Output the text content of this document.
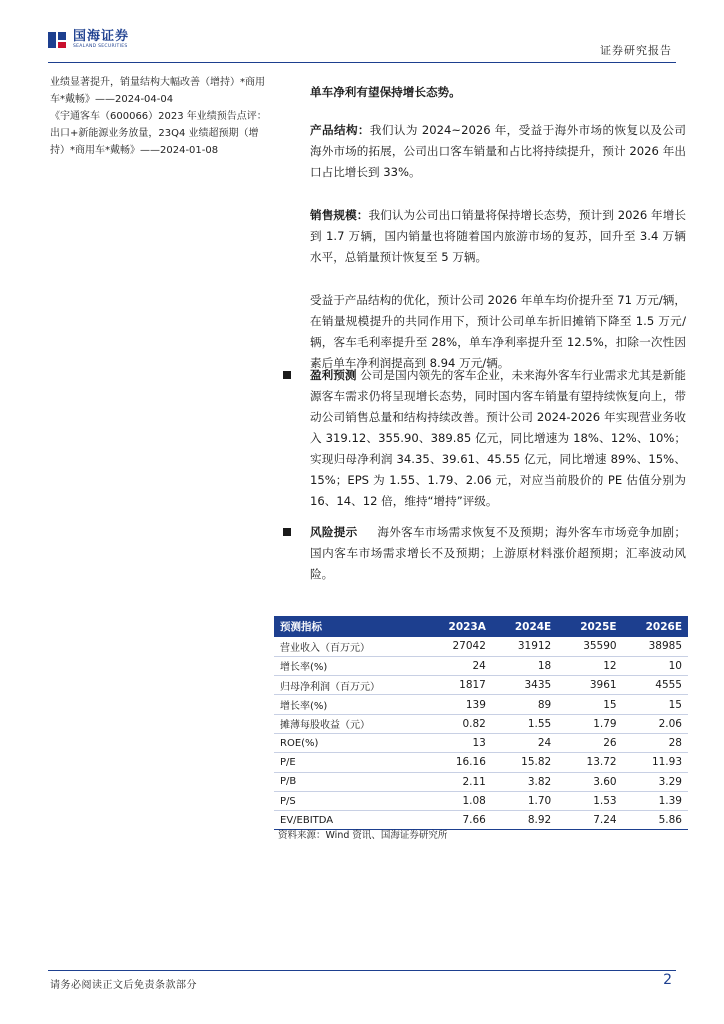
国海证券
SEALAND SECURITIES	证券研究报告

业绩显著提升，销量结构大幅改善（增持）*商用车*戴畅》——2024-04-04

《宇通客车（600066）2023 年业绩预告点评：出口+新能源业务放量，23Q4 业绩超预期（增持）*商用车*戴畅》——2024-01-08

单车净利有望保持增长态势。
产品结构：我们认为 2024~2026 年，受益于海外市场的恢复以及公司海外市场的拓展，公司出口客车销量和占比将持续提升，预计 2026 年出口占比增长到 33%。
销售规模：我们认为公司出口销量将保持增长态势，预计到 2026 年增长到 1.7 万辆，国内销量也将随着国内旅游市场的复苏，回升至 3.4 万辆水平，总销量预计恢复至 5 万辆。
受益于产品结构的优化，预计公司 2026 年单车均价提升至 71 万元/辆，在销量规模提升的共同作用下，预计公司单车折旧摊销下降至 1.5 万元/辆，客车毛利率提升至 28%，单车净利率提升至 12.5%，扣除一次性因素后单车净利润提高到 8.94 万元/辆。
盈利预测 公司是国内领先的客车企业，未来海外客车行业需求尤其是新能源客车需求仍将呈现增长态势，同时国内客车销量有望持续恢复向上，带动公司销售总量和结构持续改善。预计公司 2024-2026 年实现营业务收入 319.12、355.90、389.85 亿元，同比增速为 18%、12%、10%；实现归母净利润 34.35、39.61、45.55 亿元，同比增速 89%、15%、15%；EPS 为 1.55、1.79、2.06 元，对应当前股价的 PE 估值分别为 16、14、12 倍，维持“增持”评级。
风险提示 海外客车市场需求恢复不及预期；海外客车市场竞争加剧；国内客车市场需求增长不及预期；上游原材料涨价超预期；汇率波动风险。
预测指标	2023A	2024E	2025E	2026E
营业收入（百万元）	27042	31912	35590	38985
增长率(%)	24	18	12	10
归母净利润（百万元）	1817	3435	3961	4555
增长率(%)	139	89	15	15
摊薄每股收益（元）	0.82	1.55	1.79	2.06
ROE(%)	13	24	26	28
P/E	16.16	15.82	13.72	11.93
P/B	2.11	3.82	3.60	3.29
P/S	1.08	1.70	1.53	1.39
EV/EBITDA	7.66	8.92	7.24	5.86
资料来源：Wind 资讯、国海证券研究所
请务必阅读正文后免责条款部分	2
